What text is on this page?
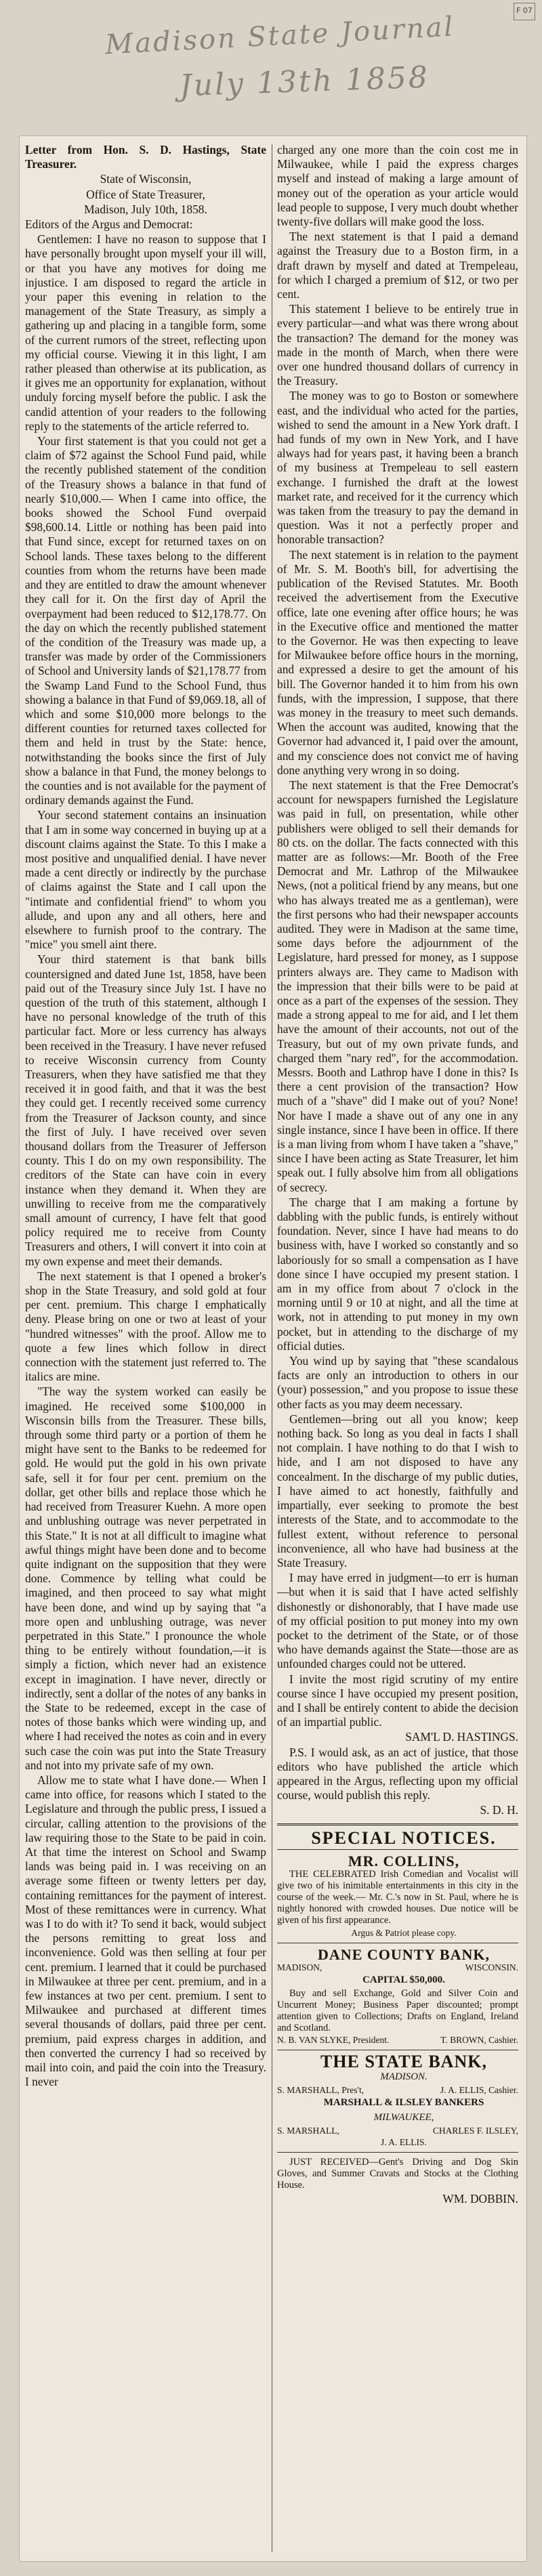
Madison State Journal
July 13th 1858
F 07

Letter from Hon. S. D. Hastings, State Treasurer.

State of Wisconsin,

Office of State Treasurer,

Madison, July 10th, 1858.

Editors of the Argus and Democrat:

Gentlemen: I have no reason to suppose that I have personally brought upon myself your ill will, or that you have any motives for doing me injustice. I am disposed to regard the article in your paper this evening in relation to the management of the State Treasury, as simply a gathering up and placing in a tangible form, some of the current rumors of the street, reflecting upon my official course. Viewing it in this light, I am rather pleased than otherwise at its publication, as it gives me an opportunity for explanation, without unduly forcing myself before the public. I ask the candid attention of your readers to the following reply to the statements of the article referred to.

Your first statement is that you could not get a claim of $72 against the School Fund paid, while the recently published statement of the condition of the Treasury shows a balance in that fund of nearly $10,000.— When I came into office, the books showed the School Fund overpaid $98,600.14. Little or nothing has been paid into that Fund since, except for returned taxes on on School lands. These taxes belong to the different counties from whom the returns have been made and they are entitled to draw the amount whenever they call for it. On the first day of April the overpayment had been reduced to $12,178.77. On the day on which the recently published statement of the condition of the Treasury was made up, a transfer was made by order of the Commissioners of School and University lands of $21,178.77 from the Swamp Land Fund to the School Fund, thus showing a balance in that Fund of $9,069.18, all of which and some $10,000 more belongs to the different counties for returned taxes collected for them and held in trust by the State: hence, notwithstanding the books since the first of July show a balance in that Fund, the money belongs to the counties and is not available for the payment of ordinary demands against the Fund.

Your second statement contains an insinuation that I am in some way concerned in buying up at a discount claims against the State. To this I make a most positive and unqualified denial. I have never made a cent directly or indirectly by the purchase of claims against the State and I call upon the "intimate and confidential friend" to whom you allude, and upon any and all others, here and elsewhere to furnish proof to the contrary. The "mice" you smell aint there.

Your third statement is that bank bills countersigned and dated June 1st, 1858, have been paid out of the Treasury since July 1st. I have no question of the truth of this statement, although I have no personal knowledge of the truth of this particular fact. More or less currency has always been received in the Treasury. I have never refused to receive Wisconsin currency from County Treasurers, when they have satisfied me that they received it in good faith, and that it was the best they could get. I recently received some currency from the Treasurer of Jackson county, and since the first of July. I have received over seven thousand dollars from the Treasurer of Jefferson county. This I do on my own responsibility. The creditors of the State can have coin in every instance when they demand it. When they are unwilling to receive from me the comparatively small amount of currency, I have felt that good policy required me to receive from County Treasurers and others, I will convert it into coin at my own expense and meet their demands.

The next statement is that I opened a broker's shop in the State Treasury, and sold gold at four per cent. premium. This charge I emphatically deny. Please bring on one or two at least of your "hundred witnesses" with the proof. Allow me to quote a few lines which follow in direct connection with the statement just referred to. The italics are mine.

"The way the system worked can easily be imagined. He received some $100,000 in Wisconsin bills from the Treasurer. These bills, through some third party or a portion of them he might have sent to the Banks to be redeemed for gold. He would put the gold in his own private safe, sell it for four per cent. premium on the dollar, get other bills and replace those which he had received from Treasurer Kuehn. A more open and unblushing outrage was never perpetrated in this State." It is not at all difficult to imagine what awful things might have been done and to become quite indignant on the supposition that they were done. Commence by telling what could be imagined, and then proceed to say what might have been done, and wind up by saying that "a more open and unblushing outrage, was never perpetrated in this State." I pronounce the whole thing to be entirely without foundation,—it is simply a fiction, which never had an existence except in imagination. I have never, directly or indirectly, sent a dollar of the notes of any banks in the State to be redeemed, except in the case of notes of those banks which were winding up, and where I had received the notes as coin and in every such case the coin was put into the State Treasury and not into my private safe of my own.

Allow me to state what I have done.— When I came into office, for reasons which I stated to the Legislature and through the public press, I issued a circular, calling attention to the provisions of the law requiring those to the State to be paid in coin. At that time the interest on School and Swamp lands was being paid in. I was receiving on an average some fifteen or twenty letters per day, containing remittances for the payment of interest. Most of these remittances were in currency. What was I to do with it? To send it back, would subject the persons remitting to great loss and inconvenience. Gold was then selling at four per cent. premium. I learned that it could be purchased in Milwaukee at three per cent. premium, and in a few instances at two per cent. premium. I sent to Milwaukee and purchased at different times several thousands of dollars, paid three per cent. premium, paid express charges in addition, and then converted the currency I had so received by mail into coin, and paid the coin into the Treasury. I never

charged any one more than the coin cost me in Milwaukee, while I paid the express charges myself and instead of making a large amount of money out of the operation as your article would lead people to suppose, I very much doubt whether twenty-five dollars will make good the loss.

The next statement is that I paid a demand against the Treasury due to a Boston firm, in a draft drawn by myself and dated at Trempeleau, for which I charged a premium of $12, or two per cent.

This statement I believe to be entirely true in every particular—and what was there wrong about the transaction? The demand for the money was made in the month of March, when there were over one hundred thousand dollars of currency in the Treasury.

The money was to go to Boston or somewhere east, and the individual who acted for the parties, wished to send the amount in a New York draft. I had funds of my own in New York, and I have always had for years past, it having been a branch of my business at Trempeleau to sell eastern exchange. I furnished the draft at the lowest market rate, and received for it the currency which was taken from the treasury to pay the demand in question. Was it not a perfectly proper and honorable transaction?

The next statement is in relation to the payment of Mr. S. M. Booth's bill, for advertising the publication of the Revised Statutes. Mr. Booth received the advertisement from the Executive office, late one evening after office hours; he was in the Executive office and mentioned the matter to the Governor. He was then expecting to leave for Milwaukee before office hours in the morning, and expressed a desire to get the amount of his bill. The Governor handed it to him from his own funds, with the impression, I suppose, that there was money in the treasury to meet such demands. When the account was audited, knowing that the Governor had advanced it, I paid over the amount, and my conscience does not convict me of having done anything very wrong in so doing.

The next statement is that the Free Democrat's account for newspapers furnished the Legislature was paid in full, on presentation, while other publishers were obliged to sell their demands for 80 cts. on the dollar. The facts connected with this matter are as follows:—Mr. Booth of the Free Democrat and Mr. Lathrop of the Milwaukee News, (not a political friend by any means, but one who has always treated me as a gentleman), were the first persons who had their newspaper accounts audited. They were in Madison at the same time, some days before the adjournment of the Legislature, hard pressed for money, as I suppose printers always are. They came to Madison with the impression that their bills were to be paid at once as a part of the expenses of the session. They made a strong appeal to me for aid, and I let them have the amount of their accounts, not out of the Treasury, but out of my own private funds, and charged them "nary red", for the accommodation. Messrs. Booth and Lathrop have I done in this? Is there a cent provision of the transaction? How much of a "shave" did I make out of you? None! Nor have I made a shave out of any one in any single instance, since I have been in office. If there is a man living from whom I have taken a "shave," since I have been acting as State Treasurer, let him speak out. I fully absolve him from all obligations of secrecy.

The charge that I am making a fortune by dabbling with the public funds, is entirely without foundation. Never, since I have had means to do business with, have I worked so constantly and so laboriously for so small a compensation as I have done since I have occupied my present station. I am in my office from about 7 o'clock in the morning until 9 or 10 at night, and all the time at work, not in attending to put money in my own pocket, but in attending to the discharge of my official duties.

You wind up by saying that "these scandalous facts are only an introduction to others in our (your) possession," and you propose to issue these other facts as you may deem necessary.

Gentlemen—bring out all you know; keep nothing back. So long as you deal in facts I shall not complain. I have nothing to do that I wish to hide, and I am not disposed to have any concealment. In the discharge of my public duties, I have aimed to act honestly, faithfully and impartially, ever seeking to promote the best interests of the State, and to accommodate to the fullest extent, without reference to personal inconvenience, all who have had business at the State Treasury.

I may have erred in judgment—to err is human—but when it is said that I have acted selfishly dishonestly or dishonorably, that I have made use of my official position to put money into my own pocket to the detriment of the State, or of those who have demands against the State—those are as unfounded charges could not be uttered.

I invite the most rigid scrutiny of my entire course since I have occupied my present position, and I shall be entirely content to abide the decision of an impartial public.

SAM'L D. HASTINGS.

P.S. I would ask, as an act of justice, that those editors who have published the article which appeared in the Argus, reflecting upon my official course, would publish this reply.

S. D. H.

SPECIAL NOTICES.

MR. COLLINS,

THE CELEBRATED Irish Comedian and Vocalist will give two of his inimitable entertainments in this city in the course of the week.— Mr. C.'s now in St. Paul, where he is nightly honored with crowded houses. Due notice will be given of his first appearance.

Argus & Patriot please copy.

DANE COUNTY BANK,

MADISON,	WISCONSIN.

CAPITAL $50,000.

Buy and sell Exchange, Gold and Silver Coin and Uncurrent Money; Business Paper discounted; prompt attention given to Collections; Drafts on England, Ireland and Scotland.

N. B. VAN SLYKE, President.	T. BROWN, Cashier.

THE STATE BANK,

MADISON.

S. MARSHALL, Pres't,	J. A. ELLIS, Cashier.

MARSHALL & ILSLEY BANKERS

MILWAUKEE,

S. MARSHALL,	CHARLES F. ILSLEY,

J. A. ELLIS.

JUST RECEIVED—Gent's Driving and Dog Skin Gloves, and Summer Cravats and Stocks at the Clothing House.

WM. DOBBIN.
